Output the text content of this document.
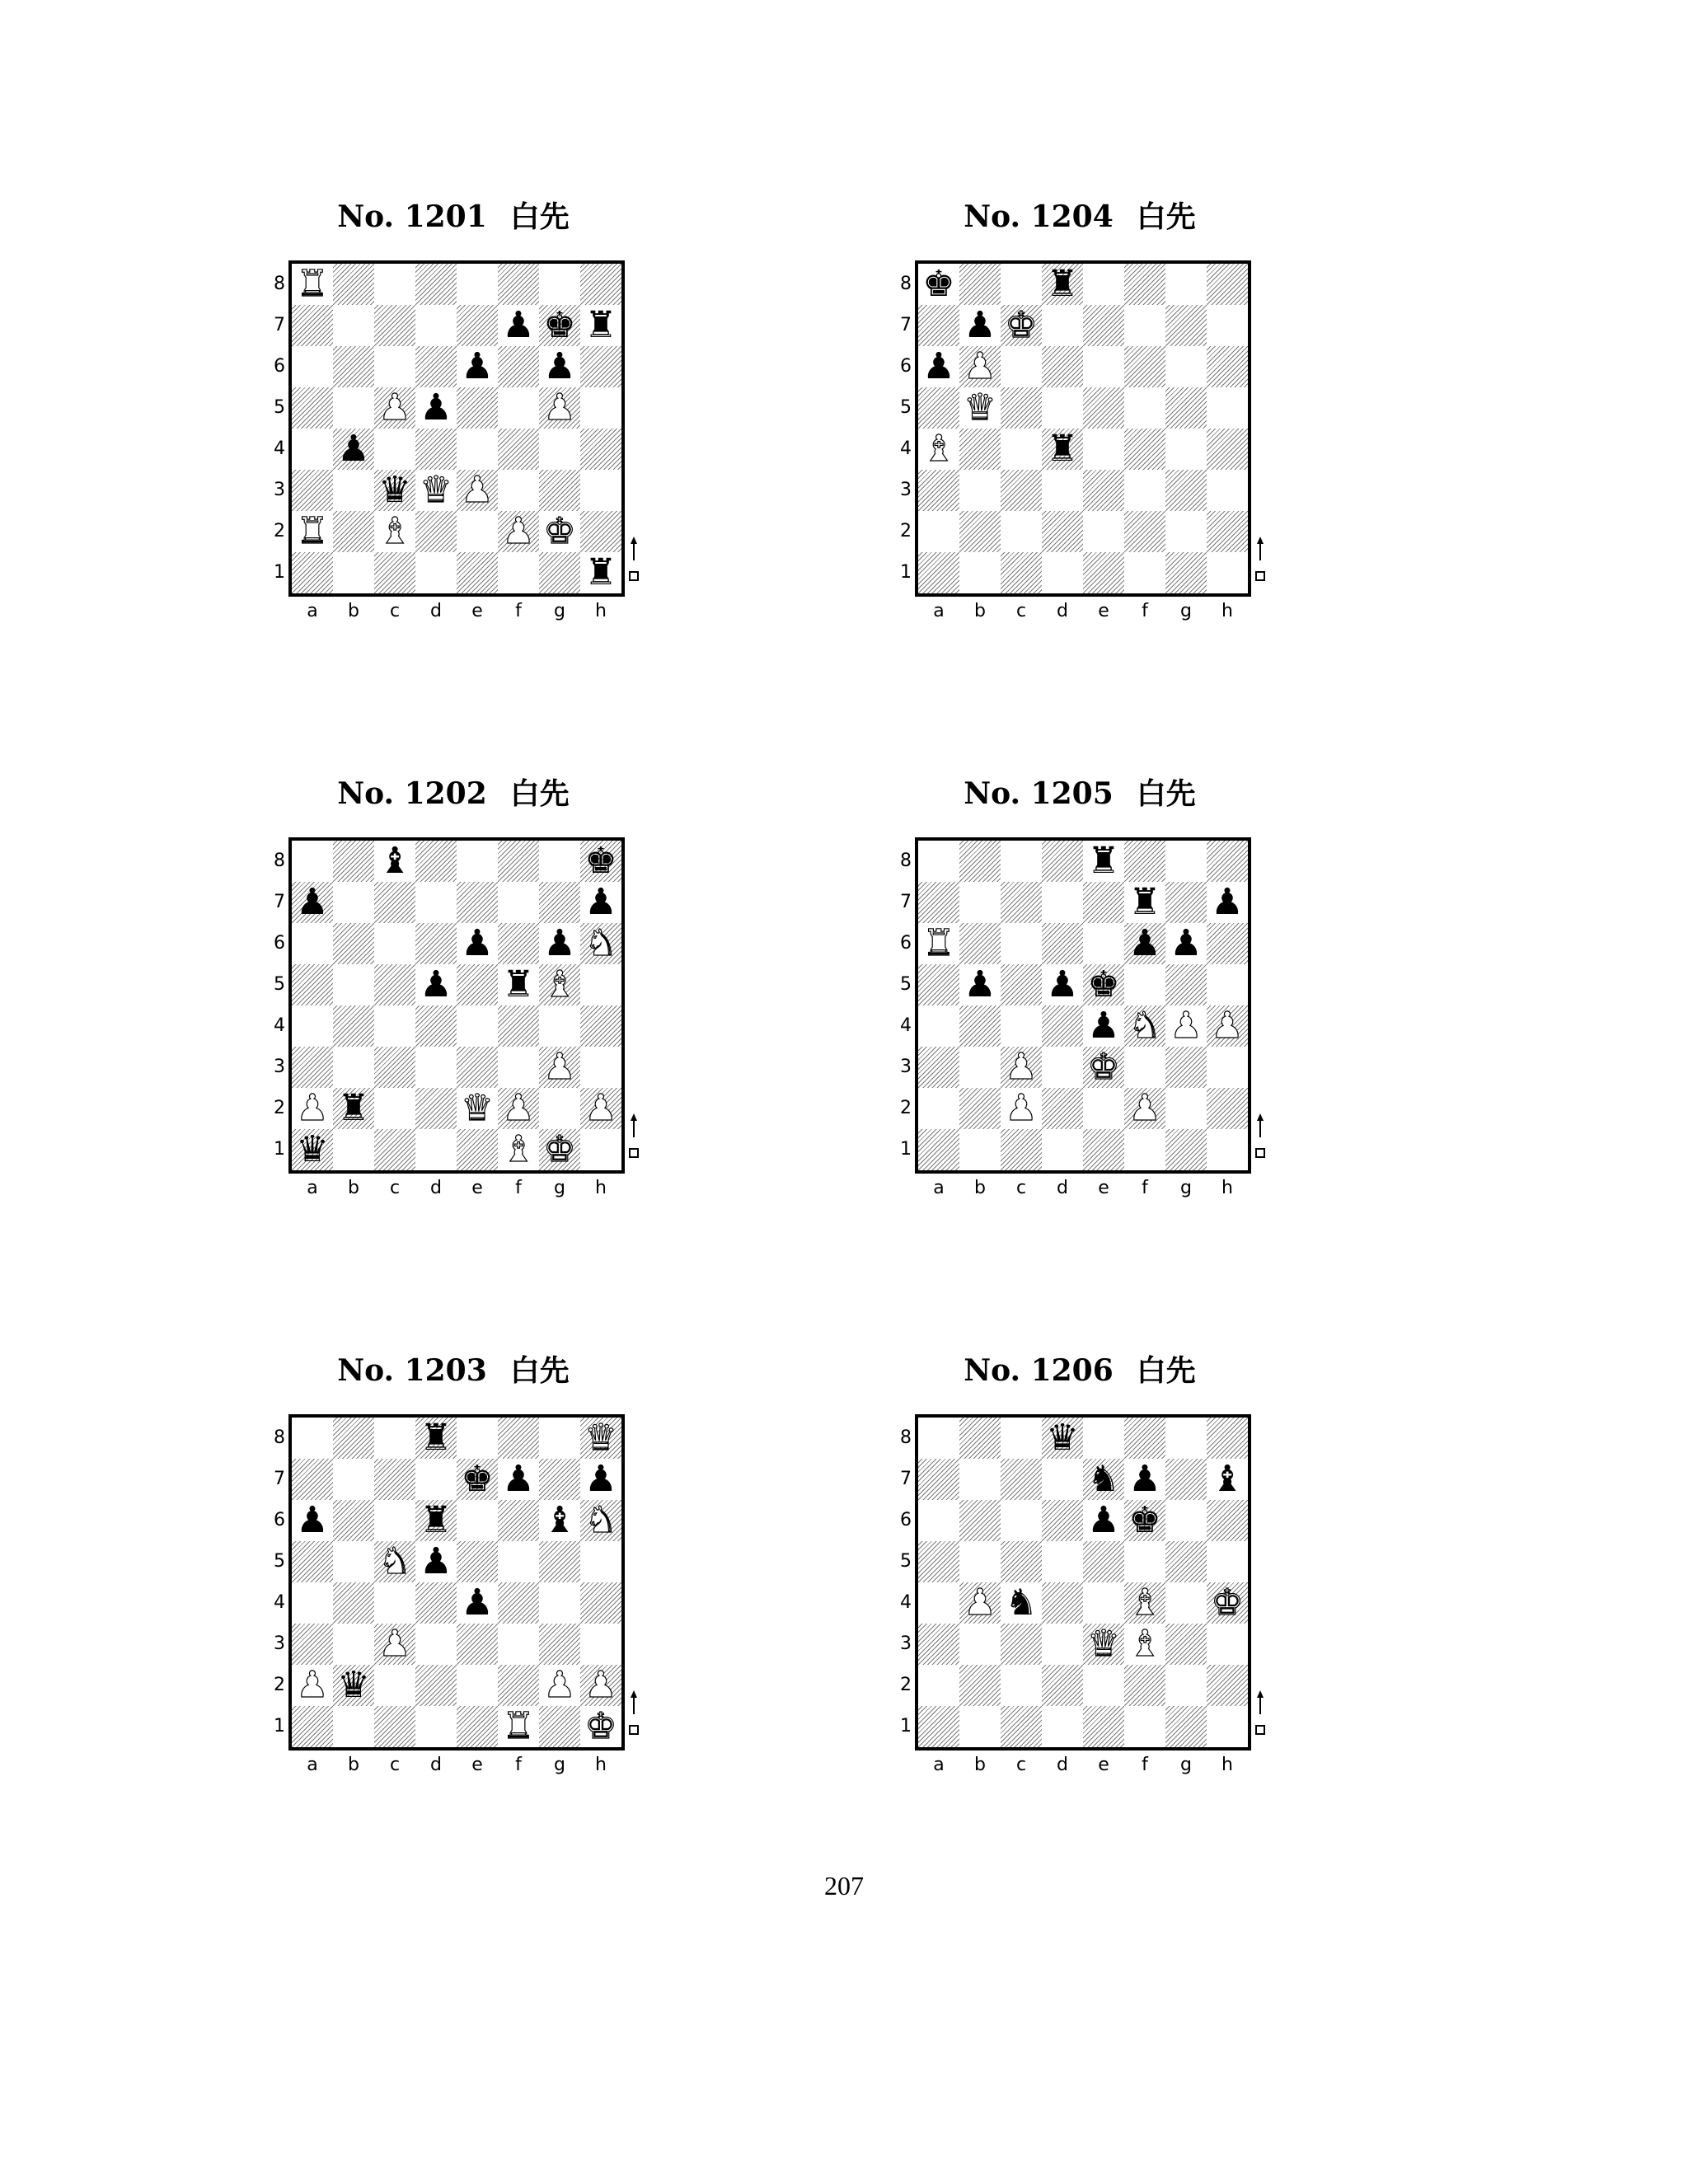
No. 1201 白先
♜
♟ ♚ ♜
♟ ♟
♟ ♟	♟
♟
♛ ♛ ♟
♜ ♝	♟ ♚
♜
8
7
6
5
4
3
2
1
a	b	c	d	e	f	g	h
No. 1204 白先
♚	♜
♟ ♚
♟ ♟
♛
♝	♜
8
7
6
5
4
3
2
1
a	b	c	d	e	f	g	h
No. 1202 白先
♝	♚
♟	♟
♟ ♟ ♞
♟ ♜ ♝
♟
♟ ♜	♛ ♟ ♟
♛	♝ ♚
8
7
6
5
4
3
2
1
a	b	c	d	e	f	g	h
No. 1205 白先
♜
♜ ♟
♜	♟ ♟
♟ ♟ ♚
♟ ♞ ♟ ♟
♟ ♚
♟	♟
8
7
6
5
4
3
2
1
a	b	c	d	e	f	g	h
No. 1203 白先
♜	♛
♚ ♟ ♟
♟	♜	♝ ♞
♞ ♟
♟
♟
♟ ♛	♟ ♟
♜ ♚
8
7
6
5
4
3
2
1
a	b	c	d	e	f	g	h
No. 1206 白先
♛
♞ ♟ ♝
♟ ♚
♟ ♞	♝ ♚
♛ ♝
8
7
6
5
4
3
2
1
a	b	c	d	e	f	g	h
207
